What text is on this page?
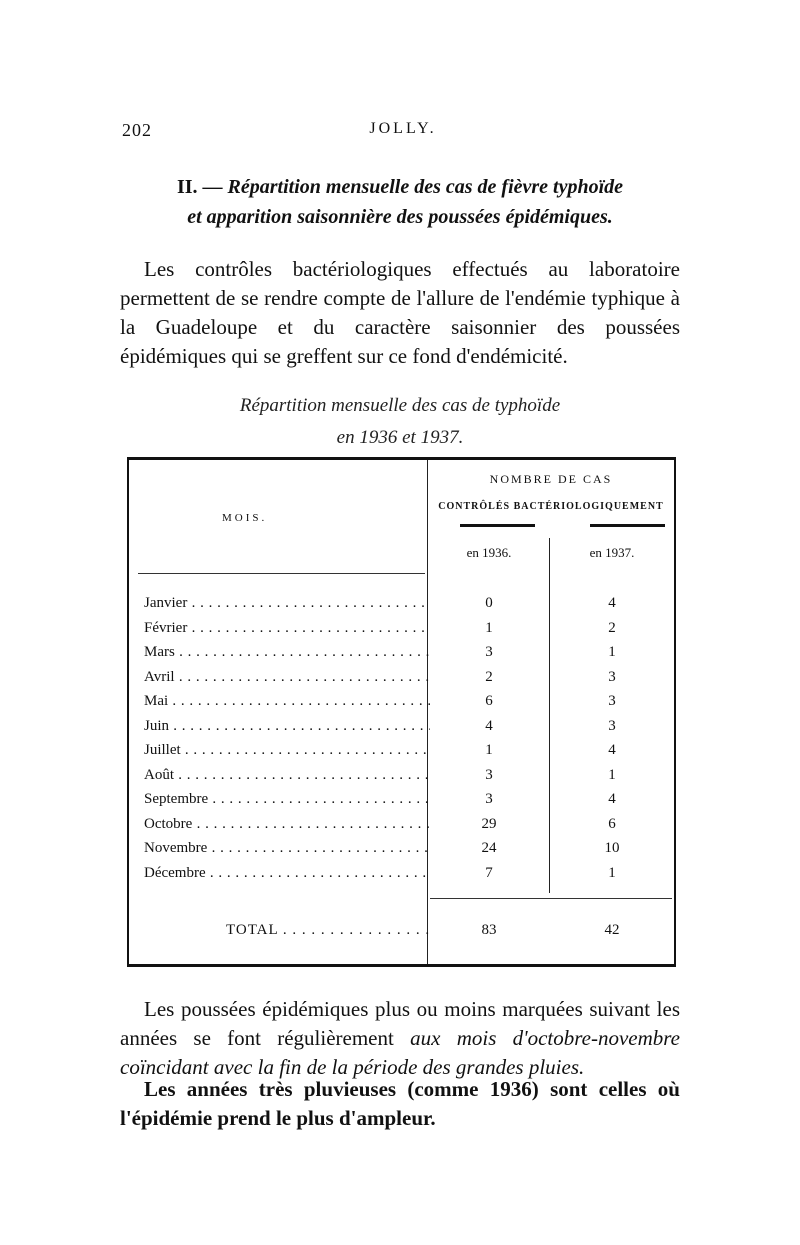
202	JOLLY.
II. — Répartition mensuelle des cas de fièvre typhoïde
et apparition saisonnière des poussées épidémiques.

Les contrôles bactériologiques effectués au laboratoire permettent de se rendre compte de l'allure de l'endémie typhique à la Guadeloupe et du caractère saisonnier des poussées épidémiques qui se greffent sur ce fond d'endémicité.

Répartition mensuelle des cas de typhoïde
en 1936 et 1937.
MOIS.
NOMBRE DE CAS
CONTRÔLÉS BACTÉRIOLOGIQUEMENT
en 1936.	en 1937.
Janvier . . .	0	4
Février . . .	1	2
Mars . . .	3	1
Avril . . .	2	3
Mai . . .	6	3
Juin . . .	4	3
Juillet . . .	1	4
Août . . .	3	1
Septembre . . .	3	4
Octobre . . .	29	6
Novembre . . .	24	10
Décembre . . .	7	1
TOTAL . . .	83	42

Les poussées épidémiques plus ou moins marquées suivant les années se font régulièrement aux mois d'octobre-novembre coïncidant avec la fin de la période des grandes pluies.

Les années très pluvieuses (comme 1936) sont celles où l'épidémie prend le plus d'ampleur.
